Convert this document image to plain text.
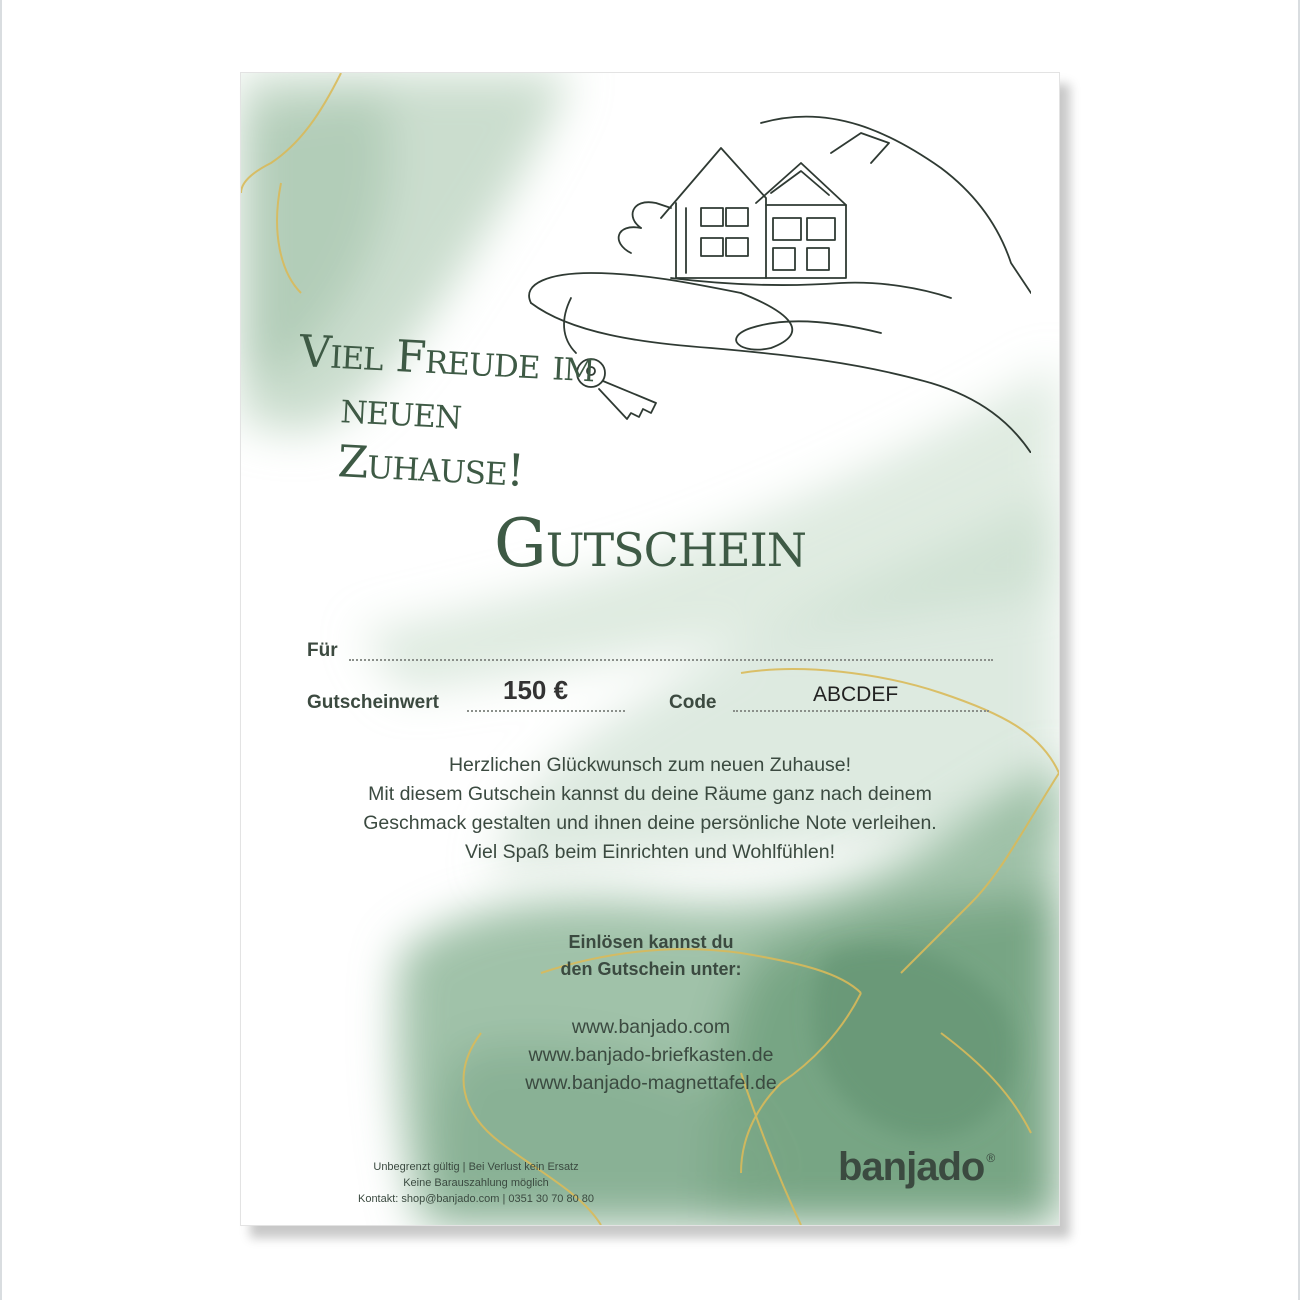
Viel Freude im
neuen Zuhause!
Gutschein
Für
Gutscheinwert 150 €	Code	ABCDEF
Herzlichen Glückwunsch zum neuen Zuhause!
Mit diesem Gutschein kannst du deine Räume ganz nach deinem
Geschmack gestalten und ihnen deine persönliche Note verleihen.
Viel Spaß beim Einrichten und Wohlfühlen!
Einlösen kannst du
den Gutschein unter:
www.banjado.com
www.banjado-briefkasten.de
www.banjado-magnettafel.de
Unbegrenzt gültig | Bei Verlust kein Ersatz
Keine Barauszahlung möglich
Kontakt: shop@banjado.com | 0351 30 70 80 80
banjado ®
